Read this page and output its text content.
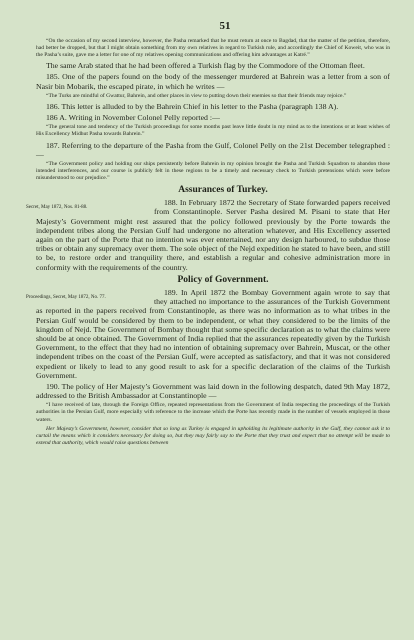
51

“On the occasion of my second interview, however, the Pasha remarked that he must return at once to Bagdad, that the matter of the petition, therefore, had better be dropped, but that I might obtain something from my own relatives in regard to Turkish rule, and accordingly the Chief of Koweit, who was in the Pasha’s suite, gave me a letter for one of my relatives opening communications and offering him advantages at Katré.”

The same Arab stated that he had been offered a Turkish flag by the Commodore of the Ottoman fleet.

185. One of the papers found on the body of the messenger murdered at Bahrein was a letter from a son of Nasir bin Mobarik, the escaped pirate, in which he writes —

“The Turks are mindful of Gwattur, Bahrein, and other places in view to putting down their enemies so that their friends may rejoice.”

186. This letter is alluded to by the Bahrein Chief in his letter to the Pasha (paragraph 138 A).

186 A. Writing in November Colonel Pelly reported :—

“The general tone and tendency of the Turkish proceedings for some months past leave little doubt in my mind as to the intentions or at least wishes of His Excellency Midhut Pasha towards Bahrein.”

187. Referring to the departure of the Pasha from the Gulf, Colonel Pelly on the 21st December telegraphed :—

“The Government policy and holding our ships persistently before Bahrein in my opinion brought the Pasha and Turkish Squadron to abandon those intended interferences, and our course is publicly felt in these regions to be a timely and necessary check to Turkish pretensions which were before misunderstood to our prejudice.”

Assurances of Turkey.

Secret, May 1872, Nos. 81-88.
188. In February 1872 the Secretary of State forwarded papers received from Constantinople. Server Pasha desired M. Pisani to state that Her Majesty’s Government might rest assured that the policy followed previously by the Porte towards the independent tribes along the Persian Gulf had undergone no alteration whatever, and His Excellency asserted again on the part of the Porte that no intention was ever entertained, nor any design harboured, to subdue those tribes or obtain any supremacy over them. The sole object of the Nejd expedition he stated to have been, and still to be, to restore order and tranquility there, and establish a regular and cohesive administration more in conformity with the requirements of the country.

Policy of Government.

Proceedings, Secret, May 1872, No. 77.
189. In April 1872 the Bombay Government again wrote to say that they attached no importance to the assurances of the Turkish Government as reported in the papers received from Constantinople, as there was no information as to what tribes in the Persian Gulf would be considered by them to be independent, or what they considered to be the limits of the kingdom of Nejd. The Government of Bombay thought that some specific declaration as to what the claims were should be at once obtained. The Government of India replied that the assurances repeatedly given by the Turkish Government, to the effect that they had no intention of obtaining supremacy over Bahrein, Muscat, or the other independent tribes on the coast of the Persian Gulf, were accepted as satisfactory, and that it was not considered expedient or likely to lead to any good result to ask for a specific declaration of the claims of the Turkish Government.

190. The policy of Her Majesty’s Government was laid down in the following despatch, dated 9th May 1872, addressed to the British Ambassador at Constantinople —

“I have received of late, through the Foreign Office, repeated representations from the Government of India respecting the proceedings of the Turkish authorities in the Persian Gulf, more especially with reference to the increase which the Porte has recently made in the number of vessels employed in those waters.

Her Majesty’s Government, however, consider that so long as Turkey is engaged in upholding its legitimate authority in the Gulf, they cannot ask it to curtail the means which it considers necessary for doing so, but they may fairly say to the Porte that they trust and expect that no attempt will be made to extend that authority, which would raise questions between
